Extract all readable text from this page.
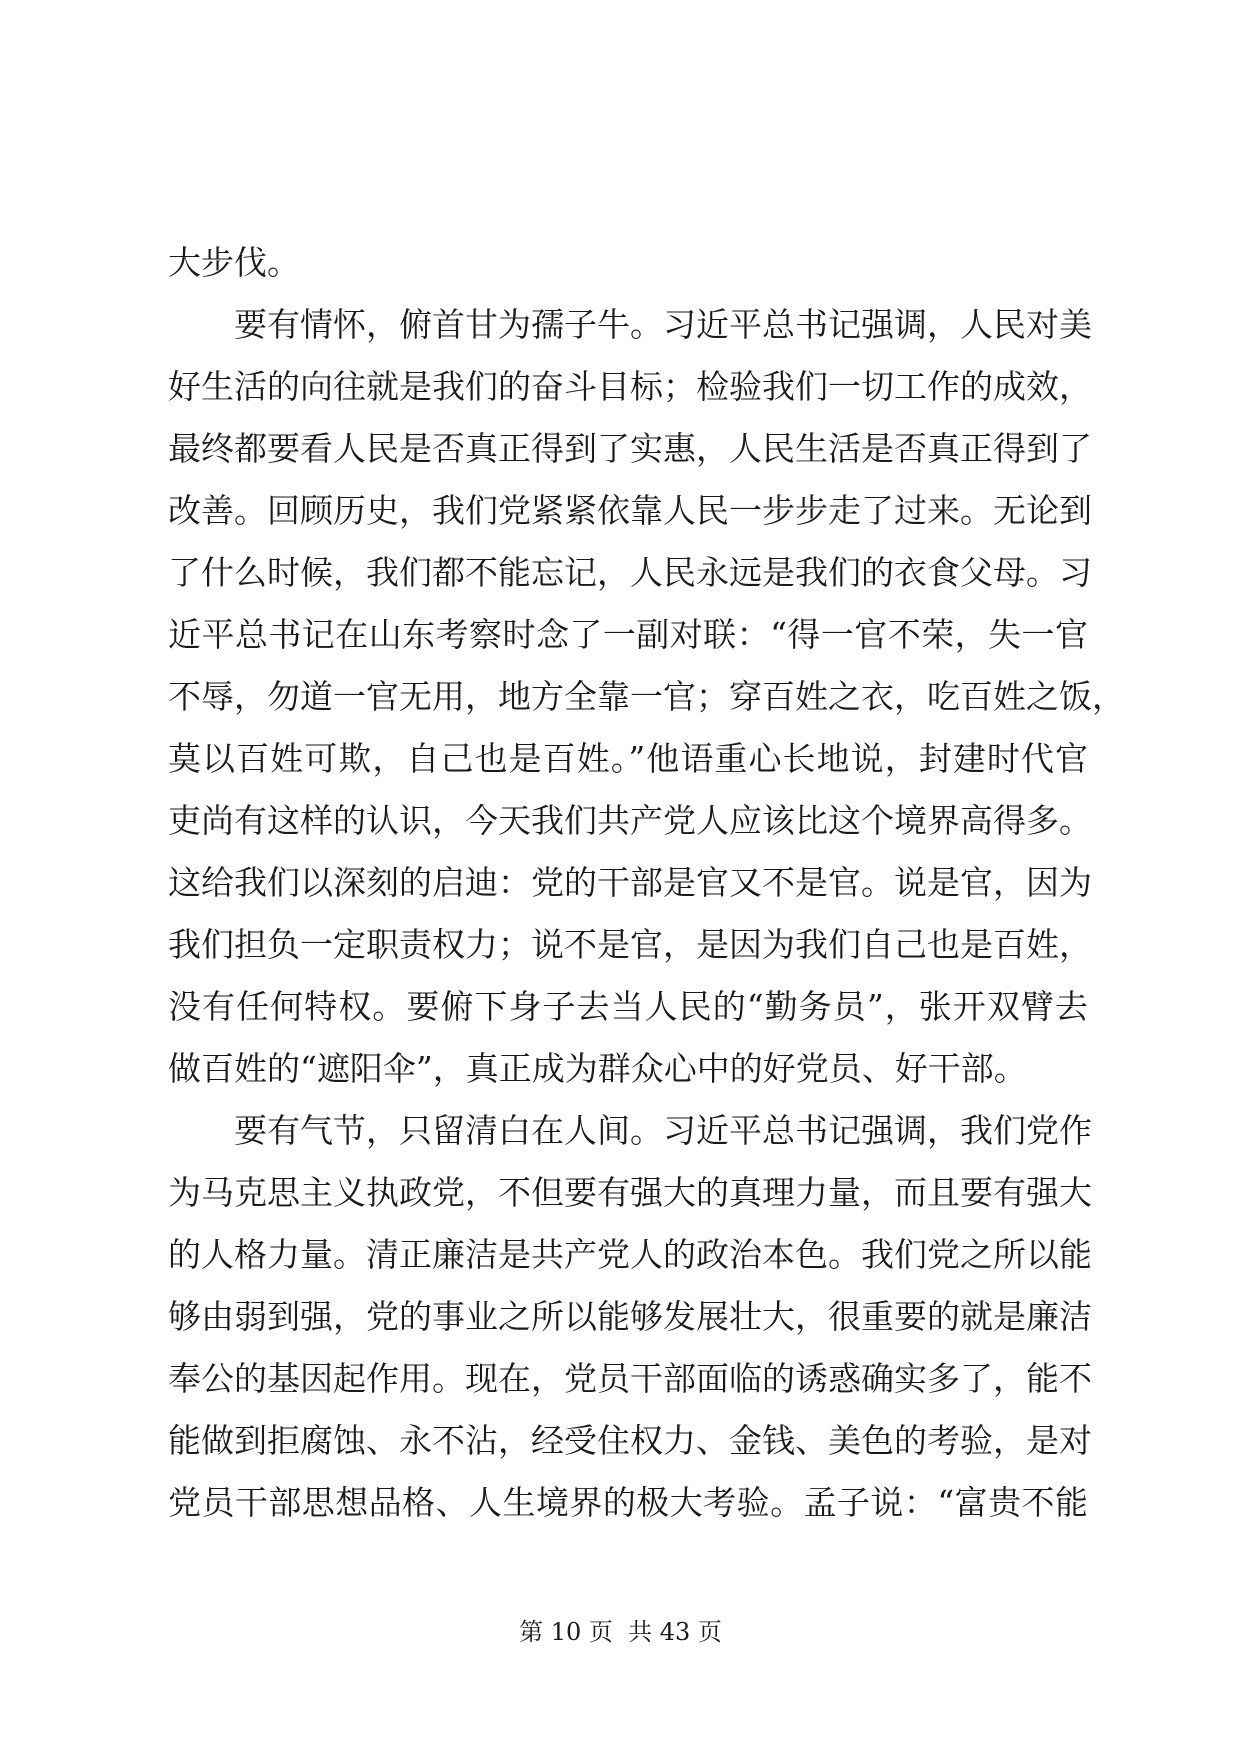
大步伐。
要有情怀，俯首甘为孺子牛。习近平总书记强调，人民对美
好生活的向往就是我们的奋斗目标；检验我们一切工作的成效，
最终都要看人民是否真正得到了实惠，人民生活是否真正得到了
改善。回顾历史，我们党紧紧依靠人民一步步走了过来。无论到
了什么时候，我们都不能忘记，人民永远是我们的衣食父母。习
近平总书记在山东考察时念了一副对联：“得一官不荣，失一官
不辱，勿道一官无用，地方全靠一官；穿百姓之衣，吃百姓之饭，
莫以百姓可欺，自己也是百姓。”他语重心长地说，封建时代官
吏尚有这样的认识，今天我们共产党人应该比这个境界高得多。
这给我们以深刻的启迪：党的干部是官又不是官。说是官，因为
我们担负一定职责权力；说不是官，是因为我们自己也是百姓，
没有任何特权。要俯下身子去当人民的“勤务员”，张开双臂去
做百姓的“遮阳伞”，真正成为群众心中的好党员、好干部。
要有气节，只留清白在人间。习近平总书记强调，我们党作
为马克思主义执政党，不但要有强大的真理力量，而且要有强大
的人格力量。清正廉洁是共产党人的政治本色。我们党之所以能
够由弱到强，党的事业之所以能够发展壮大，很重要的就是廉洁
奉公的基因起作用。现在，党员干部面临的诱惑确实多了，能不
能做到拒腐蚀、永不沾，经受住权力、金钱、美色的考验，是对
党员干部思想品格、人生境界的极大考验。孟子说：“富贵不能
第 10 页  共 43 页
